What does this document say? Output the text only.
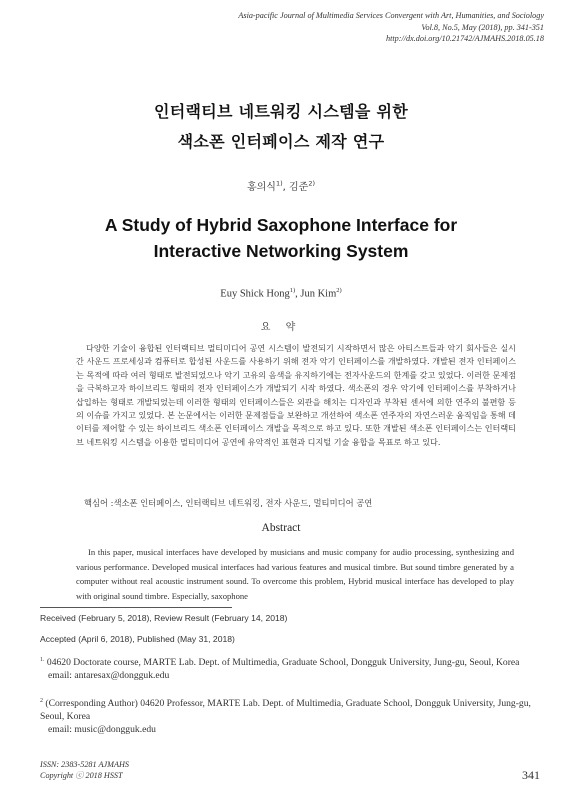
Asia-pacific Journal of Multimedia Services Convergent with Art, Humanities, and Sociology
Vol.8, No.5, May (2018), pp. 341-351
http://dx.doi.org/10.21742/AJMAHS.2018.05.18
인터랙티브 네트워킹 시스템을 위한
색소폰 인터페이스 제작 연구
홍의식$^{1)}$, 김준$^{2)}$
A Study of Hybrid Saxophone Interface for
Interactive Networking System
Euy Shick Hong$^{1)}$, Jun Kim$^{2)}$
요 약
다양한 기술이 융합된 인터랙티브 멀티미디어 공연 시스템이 발전되기 시작하면서 많은 아티스트들과 악기 회사들은 실시간 사운드 프로세싱과 컴퓨터로 합성된 사운드를 사용하기 위해 전자 악기 인터페이스를 개발하였다. 개발된 전자 인터페이스는 목적에 따라 여러 형태로 발전되었으나 악기 고유의 음색을 유지하기에는 전자사운드의 한계를 갖고 있었다. 이러한 문제점을 극복하고자 하이브리드 형태의 전자 인터페이스가 개발되기 시작 하였다. 색소폰의 경우 악기에 인터페이스를 부착하거나 삽입하는 형태로 개발되었는데 이러한 형태의 인터페이스들은 외관을 해치는 디자인과 부착된 센서에 의한 연주의 불편함 등의 이슈를 가지고 있었다. 본 논문에서는 이러한 문제점들을 보완하고 개선하여 색소폰 연주자의 자연스러운 움직임을 통해 데이터를 제어할 수 있는 하이브리드 색소폰 인터페이스 개발을 목적으로 하고 있다. 또한 개발된 색소폰 인터페이스는 인터랙티브 네트워킹 시스템을 이용한 멀티미디어 공연에 유악적인 표현과 디지털 기술 융합을 목표로 하고 있다.
핵심어 :색소폰 인터페이스, 인터랙티브 네트워킹, 전자 사운드, 멀티미디어 공연
Abstract
In this paper, musical interfaces have developed by musicians and music company for audio processing, synthesizing and various performance. Developed musical interfaces had various features and musical timbre. But sound timbre generated by a computer without real acoustic instrument sound. To overcome this problem, Hybrid musical interface has developed to play with original sound timbre. Especially, saxophone
Received (February 5, 2018), Review Result (February 14, 2018)
Accepted (April 6, 2018), Published (May 31, 2018)
$^{1.}$ 04620 Doctorate course, MARTE Lab. Dept. of Multimedia, Graduate School, Dongguk University, Jung-gu, Seoul, Korea
email: antaresax@dongguk.edu
$^2$ (Corresponding Author) 04620 Professor, MARTE Lab. Dept. of Multimedia, Graduate School, Dongguk University, Jung-gu, Seoul, Korea
email: music@dongguk.edu
ISSN: 2383-5281 AJMAHS
Copyright ⓒ 2018 HSST	341
